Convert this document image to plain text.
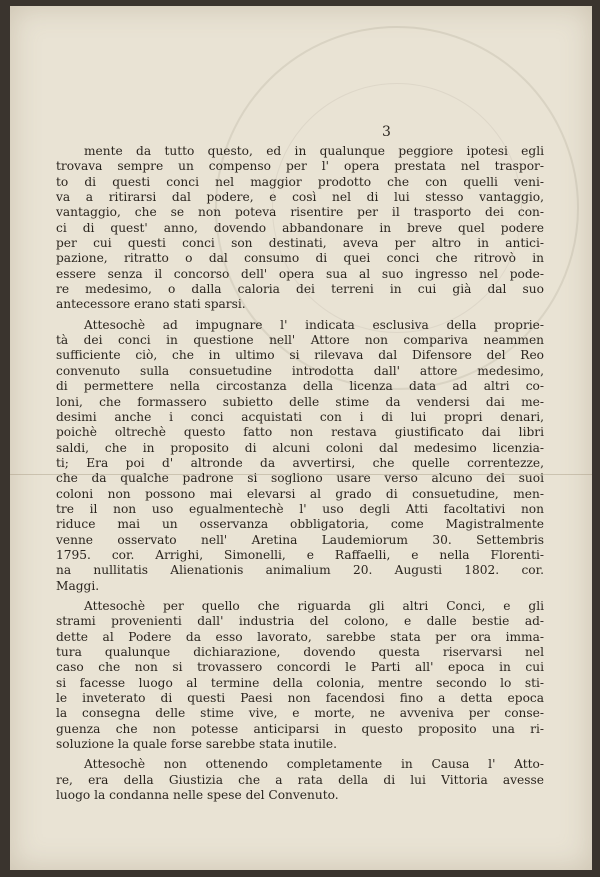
3

mente da tutto questo, ed in qualunque peggiore ipotesi egli
trovava sempre un compenso per l' opera prestata nel traspor-
to di questi conci nel maggior prodotto che con quelli veni-
va a ritirarsi dal podere, e così nel di lui stesso vantaggio,
vantaggio, che se non poteva risentire per il trasporto dei con-
ci di quest' anno, dovendo abbandonare in breve quel podere
per cui questi conci son destinati, aveva per altro in antici-
pazione, ritratto o dal consumo di quei conci che ritrovò in
essere senza il concorso dell' opera sua al suo ingresso nel pode-
re medesimo, o dalla caloria dei terreni in cui già dal suo
antecessore erano stati sparsi.

Attesochè ad impugnare l' indicata esclusiva della proprie-
tà dei conci in questione nell' Attore non compariva neammen
sufficiente ciò, che in ultimo si rilevava dal Difensore del Reo
convenuto sulla consuetudine introdotta dall' attore medesimo,
di permettere nella circostanza della licenza data ad altri co-
loni, che formassero subietto delle stime da vendersi dai me-
desimi anche i conci acquistati con i di lui propri denari,
poichè oltrechè questo fatto non restava giustificato dai libri
saldi, che in proposito di alcuni coloni dal medesimo licenzia-
ti; Era poi d' altronde da avvertirsi, che quelle correntezze,
che da qualche padrone si sogliono usare verso alcuno dei suoi
coloni non possono mai elevarsi al grado di consuetudine, men-
tre il non uso egualmentechè l' uso degli Atti facoltativi non
riduce mai un osservanza obbligatoria, come Magistralmente
venne osservato nell' Aretina Laudemiorum 30. Settembris
1795. cor. Arrighi, Simonelli, e Raffaelli, e nella Florenti-
na nullitatis Alienationis animalium 20. Augusti 1802. cor.
Maggi.

Attesochè per quello che riguarda gli altri Conci, e gli
strami provenienti dall' industria del colono, e dalle bestie ad-
dette al Podere da esso lavorato, sarebbe stata per ora imma-
tura qualunque dichiarazione, dovendo questa riservarsi nel
caso che non si trovassero concordi le Parti all' epoca in cui
si facesse luogo al termine della colonia, mentre secondo lo sti-
le inveterato di questi Paesi non facendosi fino a detta epoca
la consegna delle stime vive, e morte, ne avveniva per conse-
guenza che non potesse anticiparsi in questo proposito una ri-
soluzione la quale forse sarebbe stata inutile.

Attesochè non ottenendo completamente in Causa l' Atto-
re, era della Giustizia che a rata della di lui Vittoria avesse
luogo la condanna nelle spese del Convenuto.
